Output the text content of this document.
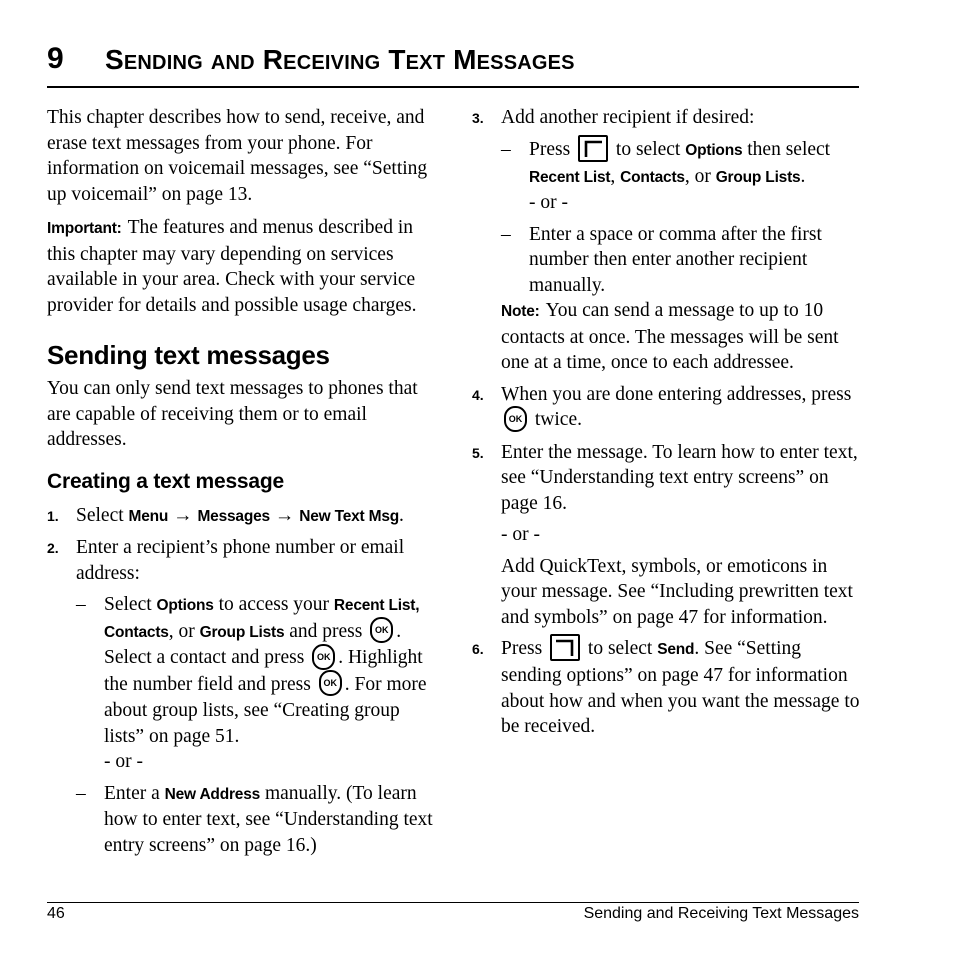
9 Sending and Receiving Text Messages

This chapter describes how to send, receive, and erase text messages from your phone. For information on voicemail messages, see “Setting up voicemail” on page 13.

Important: The features and menus described in this chapter may vary depending on services available in your area. Check with your service provider for details and possible usage charges.

Sending text messages

You can only send text messages to phones that are capable of receiving them or to email addresses.

Creating a text message
1. Select Menu → Messages → New Text Msg.
2. Enter a recipient’s phone number or email address:
– Select Options to access your Recent List, Contacts, or Group Lists and press OK . Select a contact and press OK . Highlight the number field and press OK . For more about group lists, see “Creating group lists” on page 51.
- or -
– Enter a New Address manually. (To learn how to enter text, see “Understanding text entry screens” on page 16.)
3. Add another recipient if desired:
– Press
to select Options then select Recent List, Contacts, or Group Lists.
- or -
– Enter a space or comma after the first number then enter another recipient manually.

Note: You can send a message to up to 10 contacts at once. The messages will be sent one at a time, once to each addressee.

4. When you are done entering addresses, press OK twice.
5. Enter the message. To learn how to enter text, see “Understanding text entry screens” on page 16.
- or -

Add QuickText, symbols, or emoticons in your message. See “Including prewritten text and symbols” on page 47 for information.

6. Press
to select Send. See “Setting sending options” on page 47 for information about how and when you want the message to be received.
46	Sending and Receiving Text Messages
